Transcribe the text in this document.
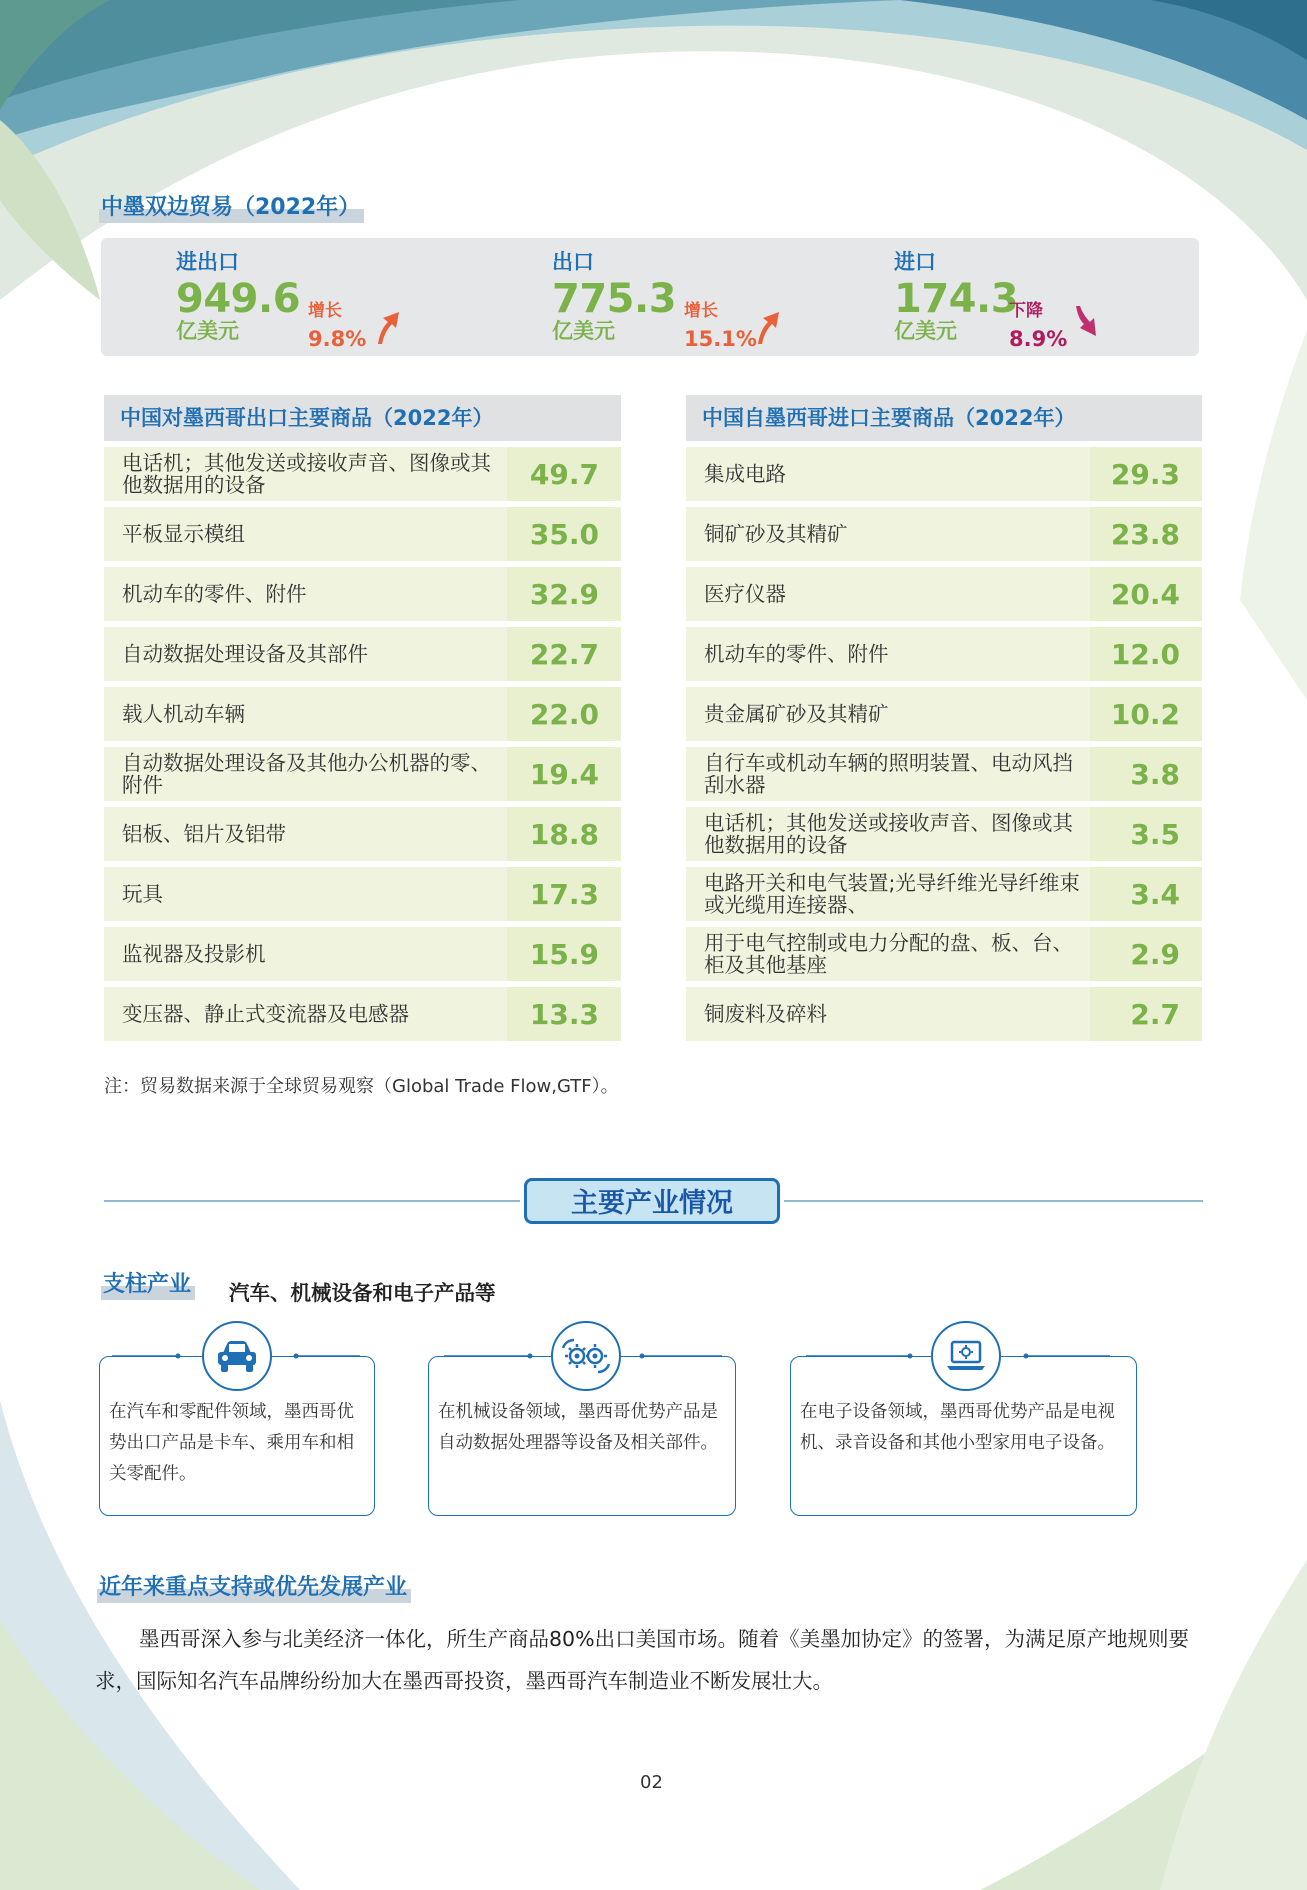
中墨双边贸易（2022年）
进出口
949.6
亿美元
增长
9.8%
出口
775.3
亿美元
增长
15.1%
进口
174.3
亿美元
下降
8.9%
中国对墨西哥出口主要商品（2022年）
电话机；其他发送或接收声音、图像或其他数据用的设备	49.7
平板显示模组	35.0
机动车的零件、附件	32.9
自动数据处理设备及其部件	22.7
载人机动车辆	22.0
自动数据处理设备及其他办公机器的零、附件	19.4
铝板、铝片及铝带	18.8
玩具	17.3
监视器及投影机	15.9
变压器、静止式变流器及电感器	13.3
中国自墨西哥进口主要商品（2022年）
集成电路	29.3
铜矿砂及其精矿	23.8
医疗仪器	20.4
机动车的零件、附件	12.0
贵金属矿砂及其精矿	10.2
自行车或机动车辆的照明装置、电动风挡刮水器	3.8
电话机；其他发送或接收声音、图像或其他数据用的设备	3.5
电路开关和电气装置;光导纤维光导纤维束或光缆用连接器、	3.4
用于电气控制或电力分配的盘、板、台、柜及其他基座	2.9
铜废料及碎料	2.7
注：贸易数据来源于全球贸易观察（Global Trade Flow,GTF）。
主要产业情况
支柱产业 汽车、机械设备和电子产品等
在汽车和零配件领域，墨西哥优势出口产品是卡车、乘用车和相关零配件。
在机械设备领域，墨西哥优势产品是自动数据处理器等设备及相关部件。
在电子设备领域，墨西哥优势产品是电视机、录音设备和其他小型家用电子设备。
近年来重点支持或优先发展产业
墨西哥深入参与北美经济一体化，所生产商品80%出口美国市场。随着《美墨加协定》的签署，为满足原产地规则要求，国际知名汽车品牌纷纷加大在墨西哥投资，墨西哥汽车制造业不断发展壮大。
02
